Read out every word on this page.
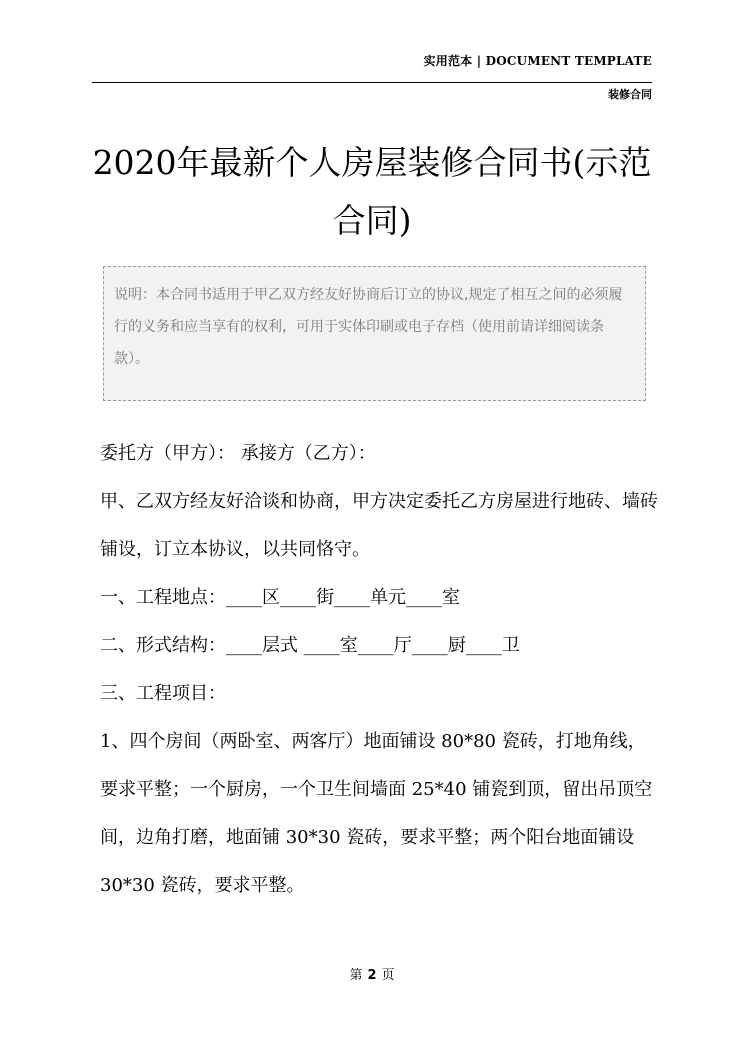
实用范本 | DOCUMENT TEMPLATE
装修合同
2020年最新个人房屋装修合同书(示范合同)
说明：本合同书适用于甲乙双方经友好协商后订立的协议,规定了相互之间的必须履行的义务和应当享有的权利，可用于实体印刷或电子存档（使用前请详细阅读条款）。

委托方（甲方）： 承接方（乙方）：

甲、乙双方经友好洽谈和协商，甲方决定委托乙方房屋进行地砖、墙砖铺设，订立本协议，以共同恪守。

一、工程地点：____区____街____单元____室

二、形式结构：____层式 ____室____厅____厨____卫

三、工程项目：

1、四个房间（两卧室、两客厅）地面铺设 80*80 瓷砖，打地角线，要求平整；一个厨房，一个卫生间墙面 25*40 铺瓷到顶，留出吊顶空间，边角打磨，地面铺 30*30 瓷砖，要求平整；两个阳台地面铺设 30*30 瓷砖，要求平整。

第 2 页
